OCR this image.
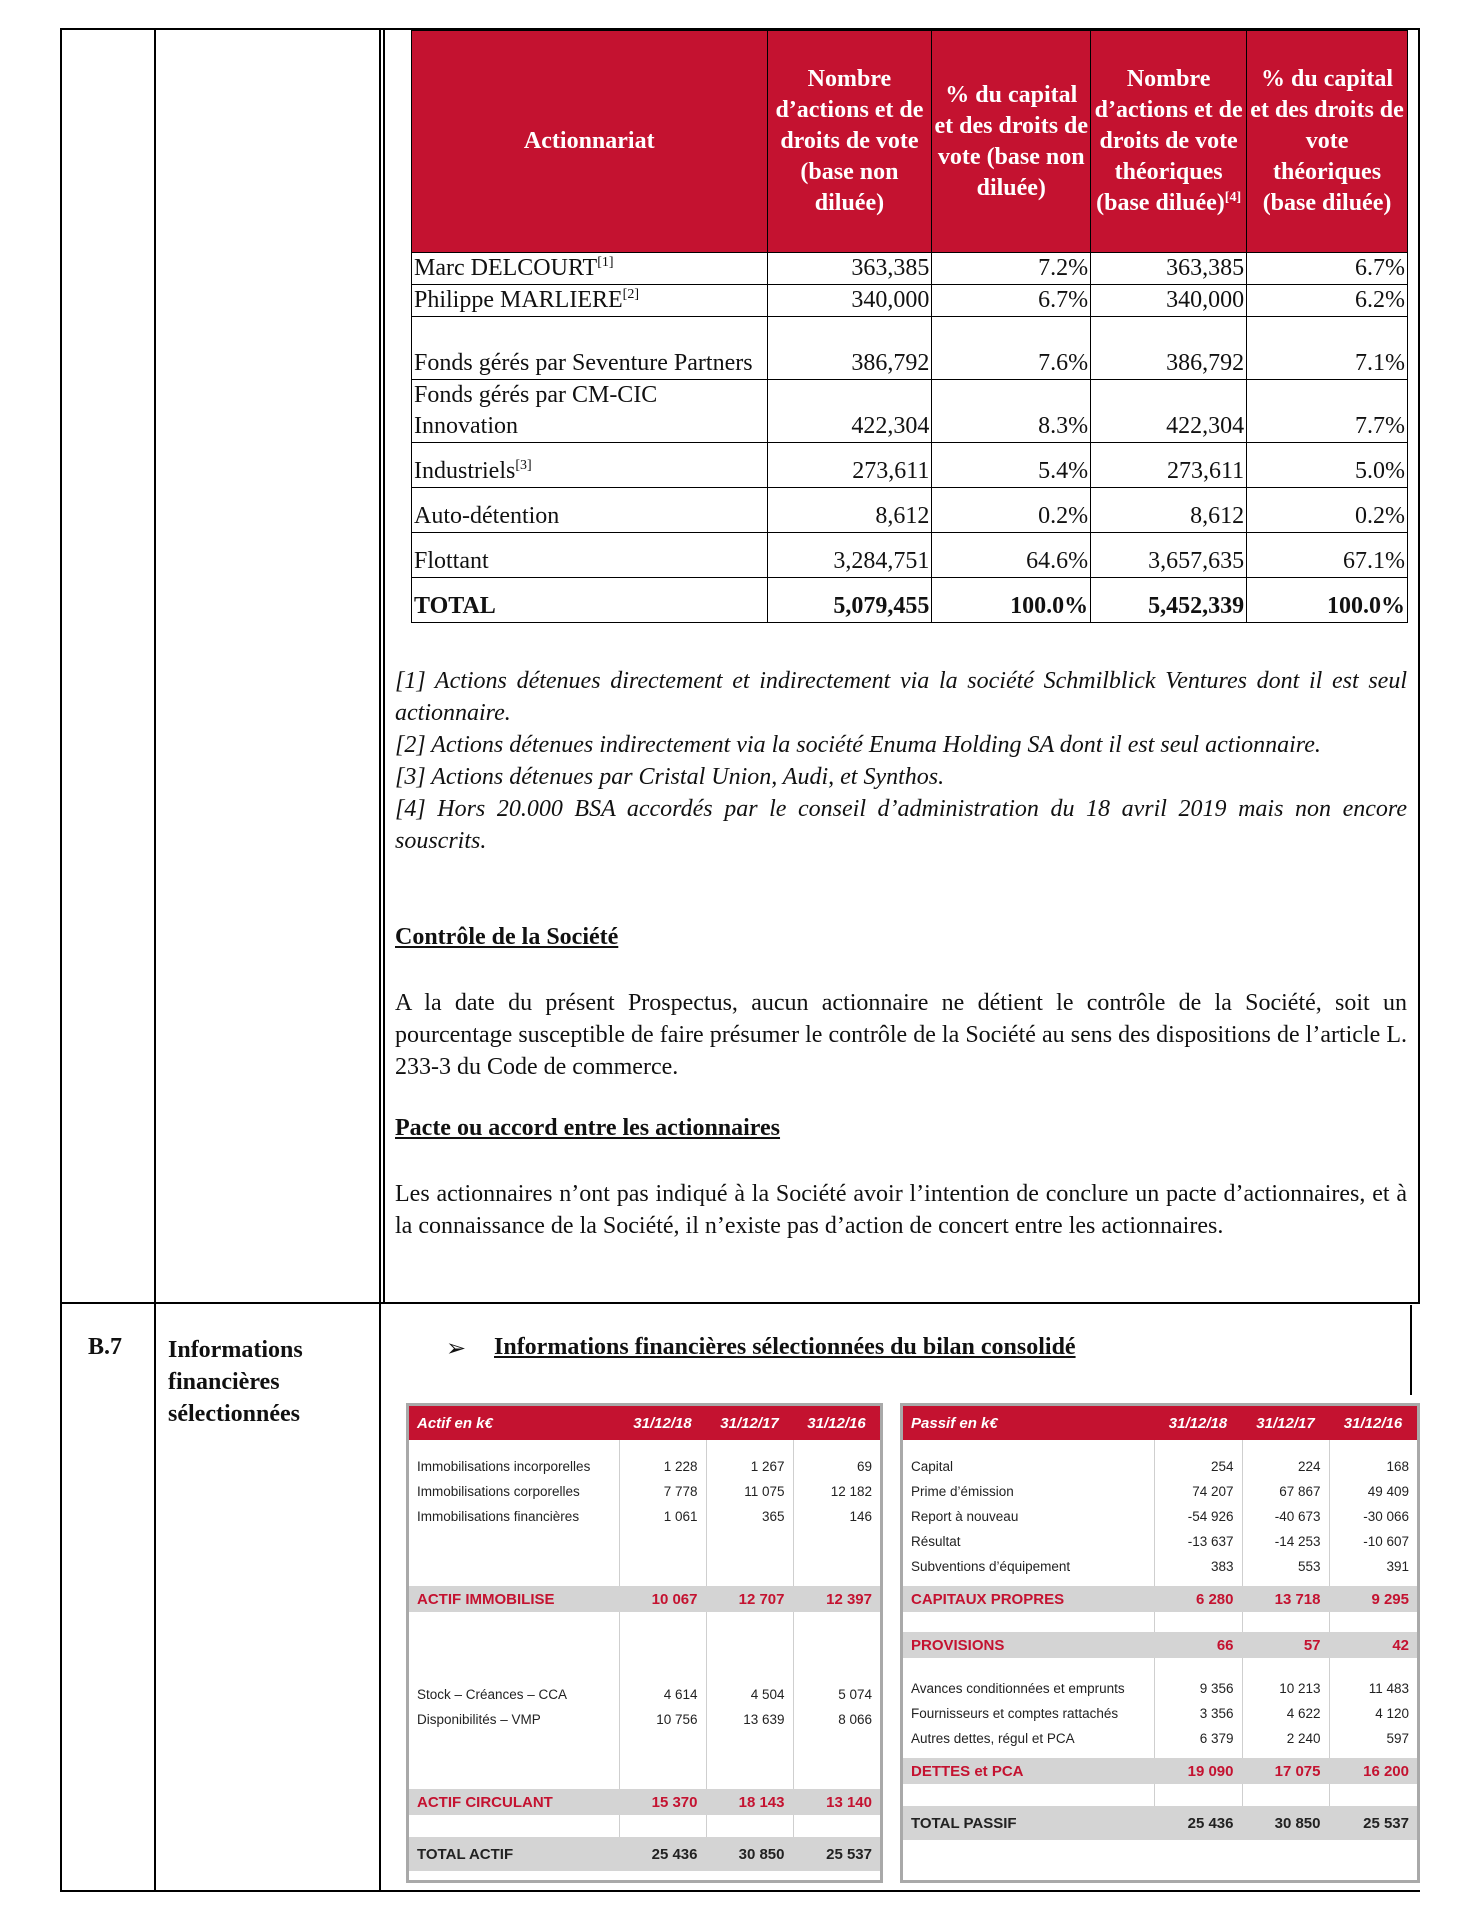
Actionnariat	Nombre d’actions et de droits de vote (base non diluée)	% du capital et des droits de vote (base non diluée)	Nombre d’actions et de droits de vote théoriques (base diluée)[4]	% du capital et des droits de vote théoriques (base diluée)
Marc DELCOURT[1]	363,385	7.2%	363,385	6.7%
Philippe MARLIERE[2]	340,000	6.7%	340,000	6.2%
Fonds gérés par Seventure Partners	386,792	7.6%	386,792	7.1%
Fonds gérés par CM-CIC Innovation	422,304	8.3%	422,304	7.7%
Industriels[3]	273,611	5.4%	273,611	5.0%
Auto-détention	8,612	0.2%	8,612	0.2%
Flottant	3,284,751	64.6%	3,657,635	67.1%
TOTAL	5,079,455	100.0%	5,452,339	100.0%
[1] Actions détenues directement et indirectement via la société Schmilblick Ventures dont il est seul actionnaire.
[2] Actions détenues indirectement via la société Enuma Holding SA dont il est seul actionnaire.
[3] Actions détenues par Cristal Union, Audi, et Synthos.
[4] Hors 20.000 BSA accordés par le conseil d’administration du 18 avril 2019 mais non encore souscrits.
Contrôle de la Société
A la date du présent Prospectus, aucun actionnaire ne détient le contrôle de la Société, soit un pourcentage susceptible de faire présumer le contrôle de la Société au sens des dispositions de l’article L. 233-3 du Code de commerce.
Pacte ou accord entre les actionnaires
Les actionnaires n’ont pas indiqué à la Société avoir l’intention de conclure un pacte d’actionnaires, et à la connaissance de la Société, il n’existe pas d’action de concert entre les actionnaires.
B.7 Informations financières sélectionnées
➢ Informations financières sélectionnées du bilan consolidé
Actif en k€	31/12/18	31/12/17	31/12/16

Immobilisations incorporelles	1 228	1 267	69
Immobilisations corporelles	7 778	11 075	12 182
Immobilisations financières	1 061	365	146

ACTIF IMMOBILISE	10 067	12 707	12 397

Stock – Créances – CCA	4 614	4 504	5 074
Disponibilités – VMP	10 756	13 639	8 066

ACTIF CIRCULANT	15 370	18 143	13 140

TOTAL ACTIF	25 436	30 850	25 537
Passif en k€	31/12/18	31/12/17	31/12/16

Capital	254	224	168
Prime d’émission	74 207	67 867	49 409
Report à nouveau	-54 926	-40 673	-30 066
Résultat	-13 637	-14 253	-10 607
Subventions d’équipement	383	553	391

CAPITAUX PROPRES	6 280	13 718	9 295

PROVISIONS	66	57	42

Avances conditionnées et emprunts	9 356	10 213	11 483
Fournisseurs et comptes rattachés	3 356	4 622	4 120
Autres dettes, régul et PCA	6 379	2 240	597

DETTES et PCA	19 090	17 075	16 200

TOTAL PASSIF	25 436	30 850	25 537
